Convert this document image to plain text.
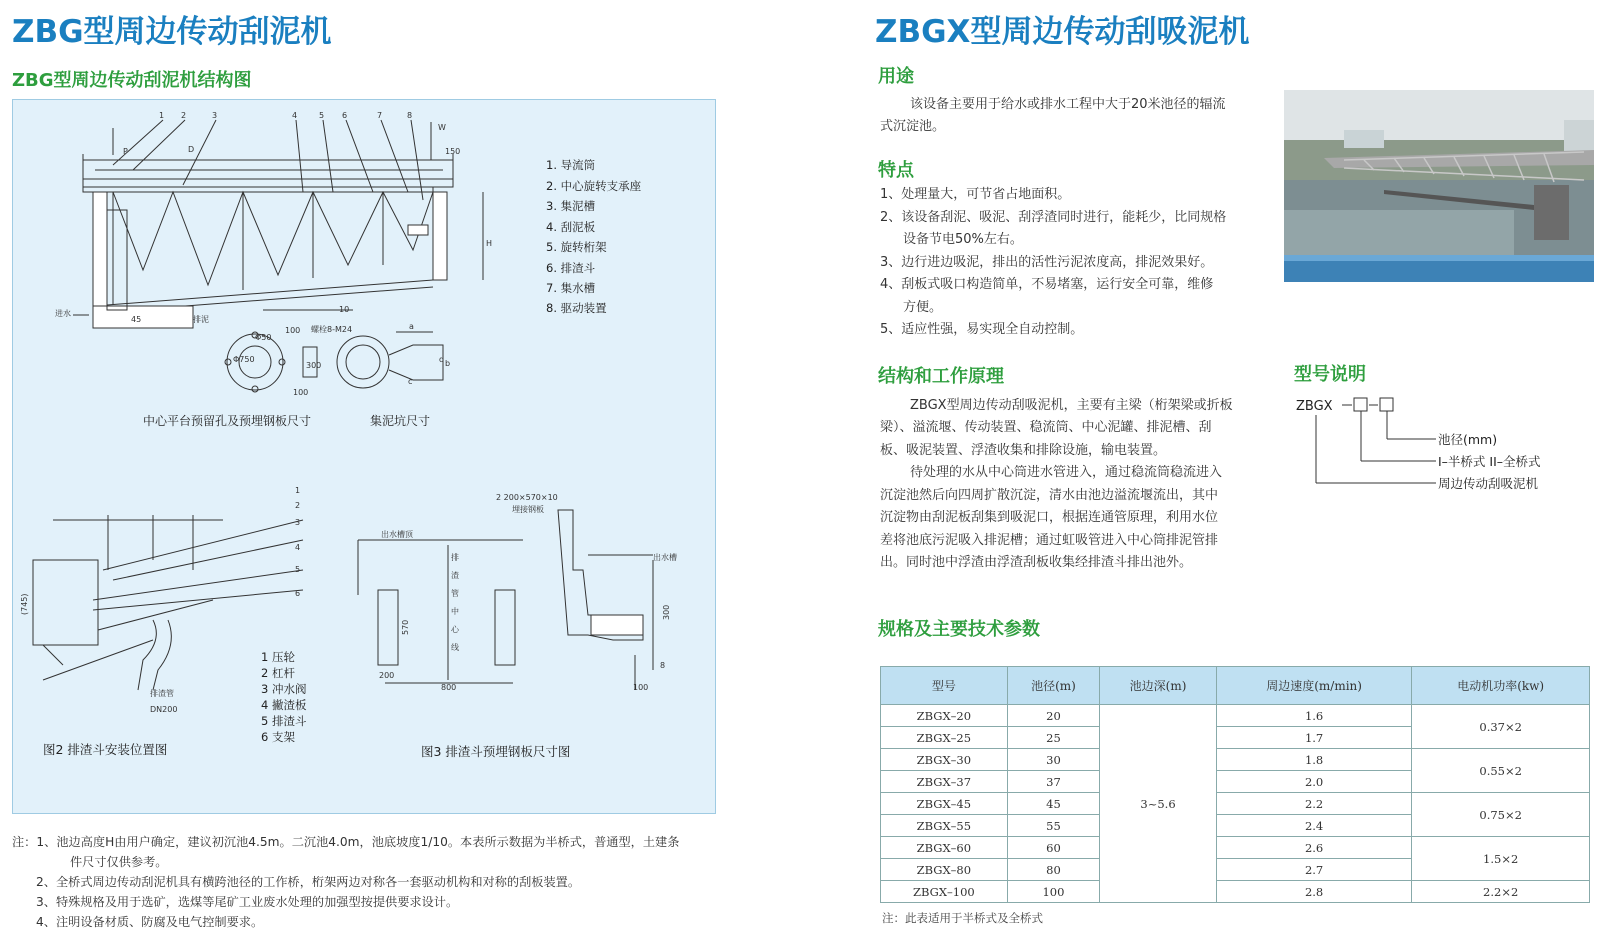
ZBG型周边传动刮泥机
ZBG型周边传动刮泥机结构图
P
W
D
H
150
45
10
进水
排泥
1 2	3	4	5 6	7	8
1. 导流筒
2. 中心旋转支承座
3. 集泥槽
4. 刮泥板
5. 旋转桁架
6. 排渣斗
7. 集水槽
8. 驱动装置
Φ50
Φ750
100 螺栓8-M24
300
100
a
b
c
d
中心平台预留孔及预埋钢板尺寸	集泥坑尺寸
1
2
3
4
5
6
(745)
排渣管
DN200
1 压轮
2 杠杆
3 冲水阀
4 撇渣板
5 排渣斗
6 支架
图2 排渣斗安装位置图
2 200×570×10
埋接钢板
出水槽顶
出水槽
排
渣
管
中
心
线
570
200
800
300
8
100
图3 排渣斗预埋钢板尺寸图
注：1、池边高度H由用户确定，建议初沉池4.5m。二沉池4.0m，池底坡度1/10。本表所示数据为半桥式，普通型，土建条
件尺寸仅供参考。
2、全桥式周边传动刮泥机具有横跨池径的工作桥，桁架两边对称各一套驱动机构和对称的刮板装置。
3、特殊规格及用于选矿，选煤等尾矿工业废水处理的加强型按提供要求设计。
4、注明设备材质、防腐及电气控制要求。
ZBGX型周边传动刮吸泥机
用途
该设备主要用于给水或排水工程中大于20米池径的辐流
式沉淀池。
特点
1、处理量大，可节省占地面积。
2、该设备刮泥、吸泥、刮浮渣同时进行，能耗少，比同规格
设备节电50%左右。
3、边行进边吸泥，排出的活性污泥浓度高，排泥效果好。
4、刮板式吸口构造简单，不易堵塞，运行安全可靠，维修
方便。
5、适应性强，易实现全自动控制。
结构和工作原理
ZBGX型周边传动刮吸泥机，主要有主梁（桁架梁或折板
梁）、溢流堰、传动装置、稳流筒、中心泥罐、排泥槽、刮
板、吸泥装置、浮渣收集和排除设施，输电装置。
待处理的水从中心筒进水管进入，通过稳流筒稳流进入
沉淀池然后向四周扩散沉淀，清水由池边溢流堰流出，其中
沉淀物由刮泥板刮集到吸泥口，根据连通管原理，利用水位
差将池底污泥吸入排泥槽；通过虹吸管进入中心筒排泥管排
出。同时池中浮渣由浮渣刮板收集经排渣斗排出池外。
型号说明
ZBGX
池径(mm)
I–半桥式 II–全桥式
周边传动刮吸泥机
规格及主要技术参数
型号	池径(m)	池边深(m)	周边速度(m/min)	电动机功率(kw)
ZBGX–20	20	3~5.6	1.6	0.37×2
ZBGX–25	25		1.7	
ZBGX–30	30		1.8	0.55×2
ZBGX–37	37		2.0	
ZBGX–45	45		2.2	0.75×2
ZBGX–55	55		2.4	
ZBGX–60	60		2.6	1.5×2
ZBGX–80	80		2.7	
ZBGX–100	100		2.8	2.2×2
注：此表适用于半桥式及全桥式
